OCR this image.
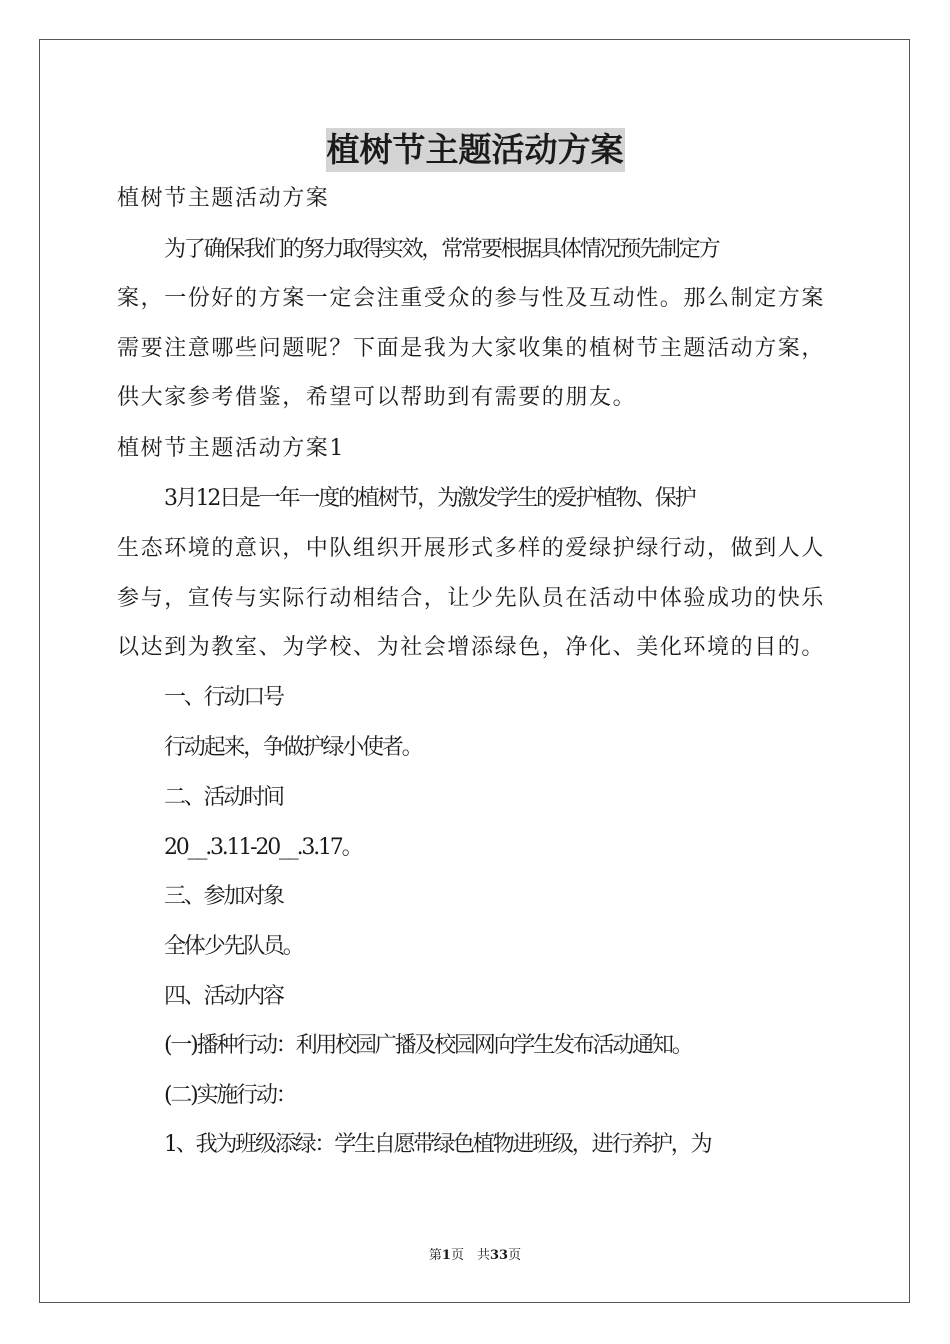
植树节主题活动方案
植树节主题活动方案
为了确保我们的努力取得实效，常常要根据具体情况预先制定方
案，一份好的方案一定会注重受众的参与性及互动性。那么制定方案
需要注意哪些问题呢？下面是我为大家收集的植树节主题活动方案，
供大家参考借鉴，希望可以帮助到有需要的朋友。
植树节主题活动方案1
3月12日是一年一度的植树节，为激发学生的爱护植物、保护
生态环境的意识，中队组织开展形式多样的爱绿护绿行动，做到人人
参与，宣传与实际行动相结合，让少先队员在活动中体验成功的快乐
以达到为教室、为学校、为社会增添绿色，净化、美化环境的目的。
一、行动口号
行动起来，争做护绿小使者。
二、活动时间
20__.3.11-20__.3.17。
三、参加对象
全体少先队员。
四、活动内容
(一)播种行动：利用校园广播及校园网向学生发布活动通知。
(二)实施行动：
1、我为班级添绿：学生自愿带绿色植物进班级，进行养护，为
第1页　共33页
